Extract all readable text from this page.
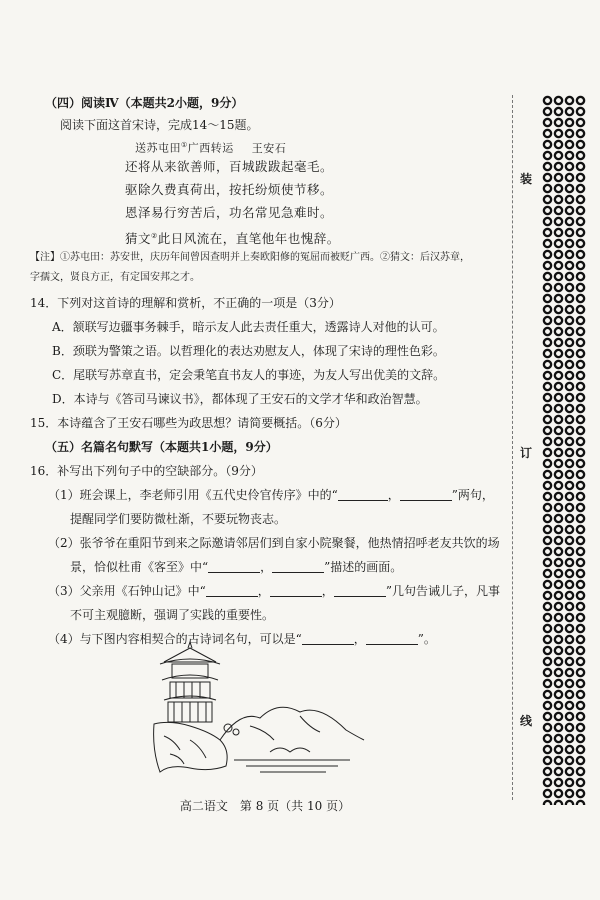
（四）阅读Ⅳ（本题共2小题，9分）
阅读下面这首宋诗，完成14～15题。
送苏屯田①广西转运 王安石
还将从来欲善师，百城跋跋起毫毛。
驱除久费真荷出，按托纷烦使节移。
恩泽易行穷苦后，功名常见急难时。
猜文②此日风流在，直笔他年也愧辞。
【注】①苏屯田：苏安世，庆历年间曾因查明并上奏欧阳修的冤屈而被贬广西。②猜文：后汉苏章，
字孺文，贤良方正，有定国安邦之才。
14．下列对这首诗的理解和赏析，不正确的一项是（3分）
A．颔联写边疆事务棘手，暗示友人此去责任重大，透露诗人对他的认可。
B．颈联为警策之语。以哲理化的表达劝慰友人，体现了宋诗的理性色彩。
C．尾联写苏章直书，定会秉笔直书友人的事迹，为友人写出优美的文辞。
D．本诗与《答司马谏议书》，都体现了王安石的文学才华和政治智慧。
15．本诗蕴含了王安石哪些为政思想？请简要概括。（6分）
（五）名篇名句默写（本题共1小题，9分）
16．补写出下列句子中的空缺部分。（9分）
（1）班会课上，李老师引用《五代史伶官传序》中的“	，	”两句，
提醒同学们要防微杜渐，不要玩物丧志。
（2）张爷爷在重阳节到来之际邀请邻居们到自家小院聚餐，他热情招呼老友共饮的场
景，恰似杜甫《客至》中“	，	”描述的画面。
（3）父亲用《石钟山记》中“	，	，	”几句告诫儿子，凡事
不可主观臆断，强调了实践的重要性。
（4）与下图内容相契合的古诗词名句，可以是“	，	”。
高二语文　第 8 页（共 10 页）
装
订
线
